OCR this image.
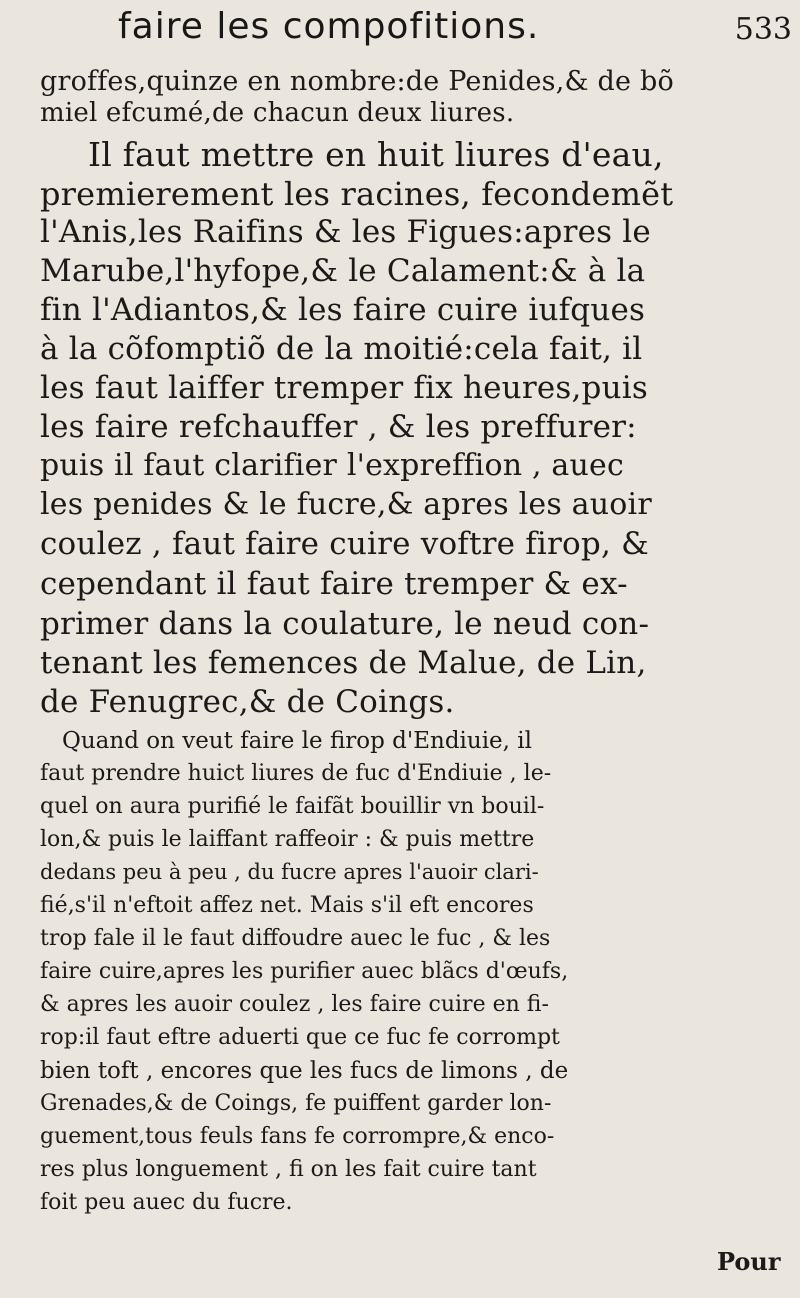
faire les compofitions.	533
groffes,quinze en nombre:de Penides,& de bõ
miel efcumé,de chacun deux liures.
Il faut mettre en huit liures d'eau,
premierement les racines, fecondemẽt
l'Anis,les Raifins & les Figues:apres le
Marube,l'hyfope,& le Calament:& à la
fin l'Adiantos,& les faire cuire iufques
à la cõfomptiõ de la moitié:cela fait, il
les faut laiffer tremper fix heures,puis
les faire refchauffer , & les preffurer:
puis il faut clarifier l'expreffion , auec
les penides & le fucre,& apres les auoir
coulez , faut faire cuire voftre firop, &
cependant il faut faire tremper & ex-
primer dans la coulature, le neud con-
tenant les femences de Malue, de Lin,
de Fenugrec,& de Coings.
Quand on veut faire le firop d'Endiuie, il
faut prendre huict liures de fuc d'Endiuie , le-
quel on aura purifié le faifãt bouillir vn bouil-
lon,& puis le laiffant raffeoir : & puis mettre
dedans peu à peu , du fucre apres l'auoir clari-
fié,s'il n'eftoit affez net. Mais s'il eft encores
trop fale il le faut diffoudre auec le fuc , & les
faire cuire,apres les purifier auec blãcs d'œufs,
& apres les auoir coulez , les faire cuire en fi-
rop:il faut eftre aduerti que ce fuc fe corrompt
bien toft , encores que les fucs de limons , de
Grenades,& de Coings, fe puiffent garder lon-
guement,tous feuls fans fe corrompre,& enco-
res plus longuement , fi on les fait cuire tant
foit peu auec du fucre.
Pour
